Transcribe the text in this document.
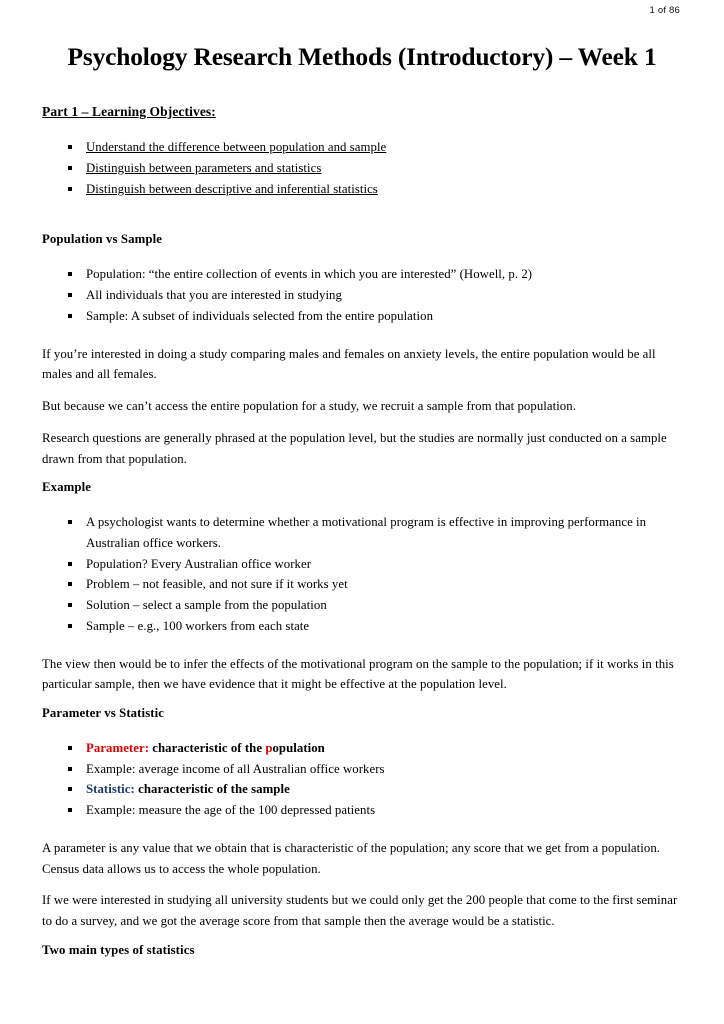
1 of 86
Psychology Research Methods (Introductory) – Week 1
Part 1 – Learning Objectives:
Understand the difference between population and sample
Distinguish between parameters and statistics
Distinguish between descriptive and inferential statistics
Population vs Sample
Population: “the entire collection of events in which you are interested” (Howell, p. 2)
All individuals that you are interested in studying
Sample: A subset of individuals selected from the entire population

If you’re interested in doing a study comparing males and females on anxiety levels, the entire population would be all males and all females.

But because we can’t access the entire population for a study, we recruit a sample from that population.

Research questions are generally phrased at the population level, but the studies are normally just conducted on a sample drawn from that population.

Example
A psychologist wants to determine whether a motivational program is effective in improving performance in Australian office workers.
Population? Every Australian office worker
Problem – not feasible, and not sure if it works yet
Solution – select a sample from the population
Sample – e.g., 100 workers from each state

The view then would be to infer the effects of the motivational program on the sample to the population; if it works in this particular sample, then we have evidence that it might be effective at the population level.

Parameter vs Statistic
Parameter: characteristic of the population
Example: average income of all Australian office workers
Statistic: characteristic of the sample
Example: measure the age of the 100 depressed patients

A parameter is any value that we obtain that is characteristic of the population; any score that we get from a population. Census data allows us to access the whole population.

If we were interested in studying all university students but we could only get the 200 people that come to the first seminar to do a survey, and we got the average score from that sample then the average would be a statistic.

Two main types of statistics
